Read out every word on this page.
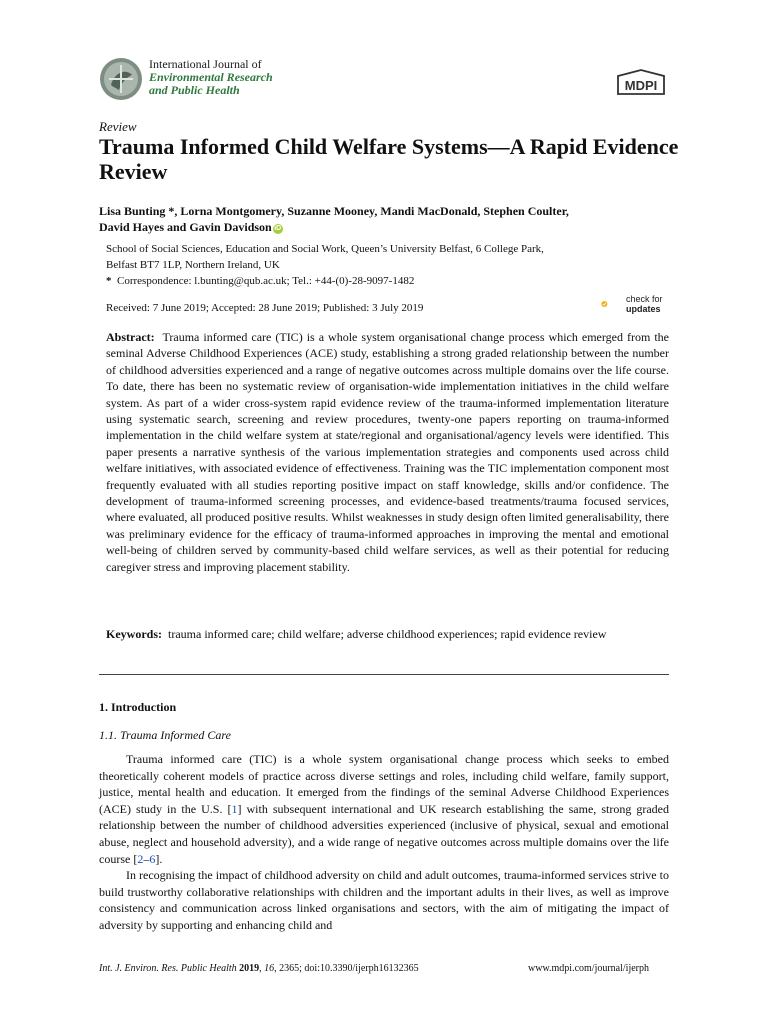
International Journal of
Environmental Research
and Public Health	MDPI
Review
Trauma Informed Child Welfare Systems—A Rapid Evidence Review
Lisa Bunting *, Lorna Montgomery, Suzanne Mooney, Mandi MacDonald, Stephen Coulter,
David Hayes and Gavin Davidson iD
School of Social Sciences, Education and Social Work, Queen’s University Belfast, 6 College Park,
Belfast BT7 1LP, Northern Ireland, UK
* Correspondence: l.bunting@qub.ac.uk; Tel.: +44-(0)-28-9097-1482
Received: 7 June 2019; Accepted: 28 June 2019; Published: 3 July 2019
check for
updates
Abstract: Trauma informed care (TIC) is a whole system organisational change process which emerged from the seminal Adverse Childhood Experiences (ACE) study, establishing a strong graded relationship between the number of childhood adversities experienced and a range of negative outcomes across multiple domains over the life course. To date, there has been no systematic review of organisation-wide implementation initiatives in the child welfare system. As part of a wider cross-system rapid evidence review of the trauma-informed implementation literature using systematic search, screening and review procedures, twenty-one papers reporting on trauma-informed implementation in the child welfare system at state/regional and organisational/agency levels were identified. This paper presents a narrative synthesis of the various implementation strategies and components used across child welfare initiatives, with associated evidence of effectiveness. Training was the TIC implementation component most frequently evaluated with all studies reporting positive impact on staff knowledge, skills and/or confidence. The development of trauma-informed screening processes, and evidence-based treatments/trauma focused services, where evaluated, all produced positive results. Whilst weaknesses in study design often limited generalisability, there was preliminary evidence for the efficacy of trauma-informed approaches in improving the mental and emotional well-being of children served by community-based child welfare services, as well as their potential for reducing caregiver stress and improving placement stability.
Keywords: trauma informed care; child welfare; adverse childhood experiences; rapid evidence review
1. Introduction
1.1. Trauma Informed Care

Trauma informed care (TIC) is a whole system organisational change process which seeks to embed theoretically coherent models of practice across diverse settings and roles, including child welfare, family support, justice, mental health and education. It emerged from the findings of the seminal Adverse Childhood Experiences (ACE) study in the U.S. [1] with subsequent international and UK research establishing the same, strong graded relationship between the number of childhood adversities experienced (inclusive of physical, sexual and emotional abuse, neglect and household adversity), and a wide range of negative outcomes across multiple domains over the life course [2–6].

In recognising the impact of childhood adversity on child and adult outcomes, trauma-informed services strive to build trustworthy collaborative relationships with children and the important adults in their lives, as well as improve consistency and communication across linked organisations and sectors, with the aim of mitigating the impact of adversity by supporting and enhancing child and

Int. J. Environ. Res. Public Health 2019, 16, 2365; doi:10.3390/ijerph16132365	www.mdpi.com/journal/ijerph
